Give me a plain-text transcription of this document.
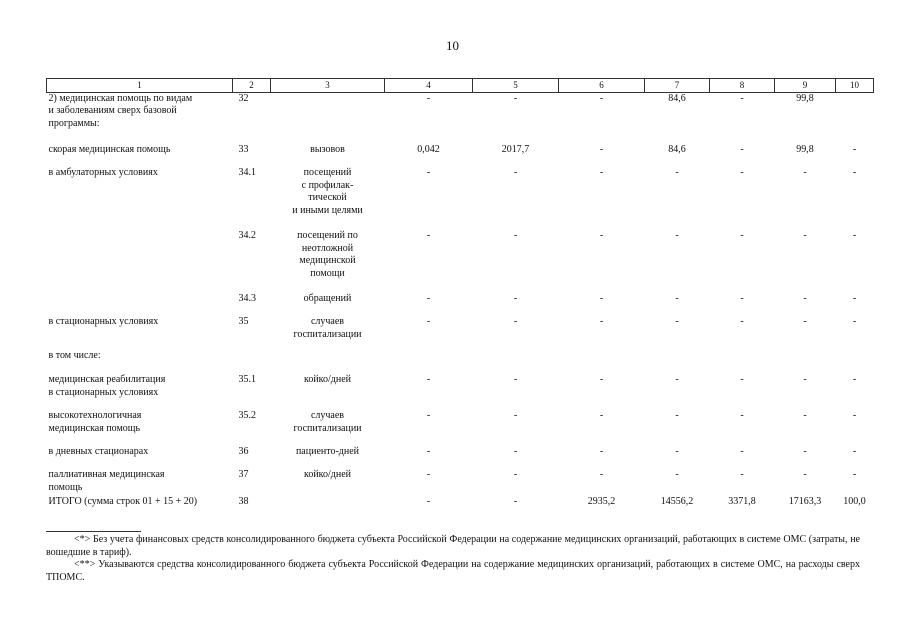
10
1	2	3	4	5	6	7	8	9	10
2) медицинская помощь по видам
и заболеваниям сверх базовой
программы:	32		-	-	-	84,6	-	99,8	
скорая медицинская помощь	33	вызовов	0,042	2017,7	-	84,6	-	99,8	-
в амбулаторных условиях	34.1	посещений
с профилак-
тической
и иными целями	-	-	-	-	-	-	-
	34.2	посещений по
неотложной
медицинской
помощи	-	-	-	-	-	-	-
	34.3	обращений	-	-	-	-	-	-	-
в стационарных условиях	35	случаев
госпитализации	-	-	-	-	-	-	-
в том числе:									
медицинская реабилитация
в стационарных условиях	35.1	койко/дней	-	-	-	-	-	-	-
высокотехнологичная
медицинская помощь	35.2	случаев
госпитализации	-	-	-	-	-	-	-
в дневных стационарах	36	пациенто-дней	-	-	-	-	-	-	-
паллиативная медицинская
помощь	37	койко/дней	-	-	-	-	-	-	-
ИТОГО (сумма строк 01 + 15 + 20)	38		-	-	2935,2	14556,2	3371,8	17163,3	100,0

<*> Без учета финансовых средств консолидированного бюджета субъекта Российской Федерации на содержание медицинских организаций, работающих в системе ОМС (затраты, не вошедшие в тариф).

<**> Указываются средства консолидированного бюджета субъекта Российской Федерации на содержание медицинских организаций, работающих в системе ОМС, на расходы сверх ТПОМС.
